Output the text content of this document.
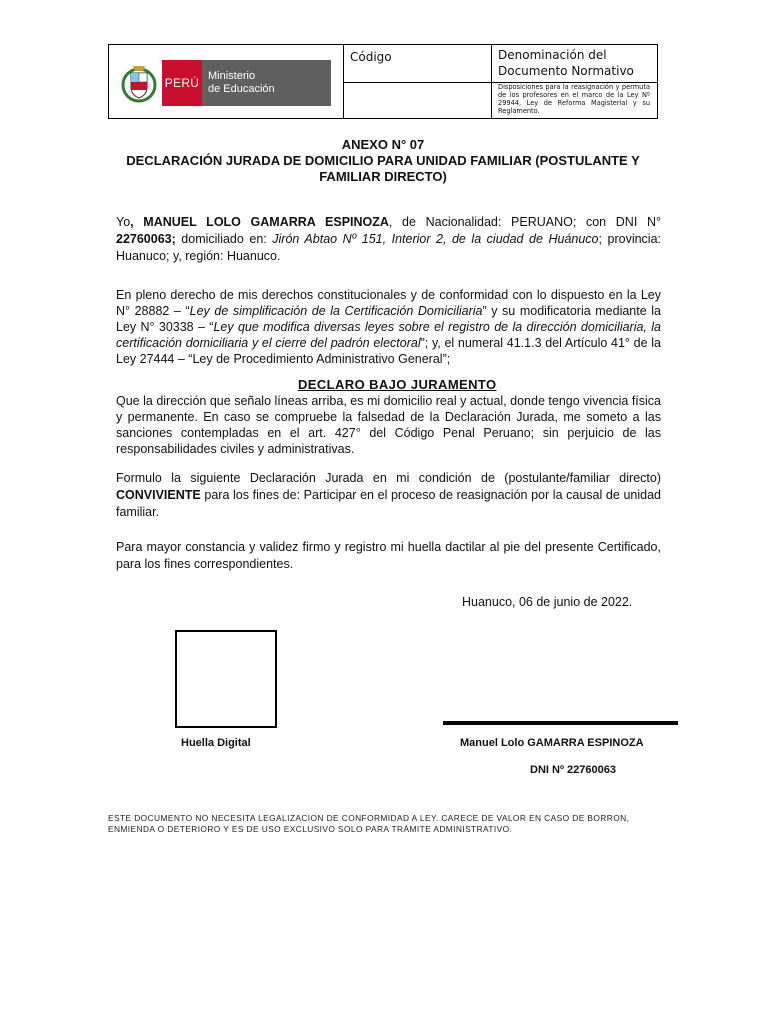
Código	Denominación del Documento Normativo
Disposiciones para la reasignación y permuta de los profesores en el marco de la Ley Nº 29944, Ley de Reforma Magisterial y su Reglamento.
PERÚ Ministerio
de Educación
ANEXO N° 07
DECLARACIÓN JURADA DE DOMICILIO PARA UNIDAD FAMILIAR (POSTULANTE Y FAMILIAR DIRECTO)
Yo, MANUEL LOLO GAMARRA ESPINOZA, de Nacionalidad: PERUANO; con DNI N° 22760063; domiciliado en: Jirón Abtao Nº 151, Interior 2, de la ciudad de Huánuco; provincia: Huanuco; y, región: Huanuco.
En pleno derecho de mis derechos constitucionales y de conformidad con lo dispuesto en la Ley N° 28882 – “Ley de simplificación de la Certificación Domiciliaria” y su modificatoria mediante la Ley N° 30338 – “Ley que modifica diversas leyes sobre el registro de la dirección domiciliaria, la certificación domiciliaria y el cierre del padrón electoral”; y, el numeral 41.1.3 del Artículo 41° de la Ley 27444 – “Ley de Procedimiento Administrativo General”;
DECLARO BAJO JURAMENTO
Que la dirección que señalo líneas arriba, es mi domicilio real y actual, donde tengo vivencia física y permanente. En caso se compruebe la falsedad de la Declaración Jurada, me someto a las sanciones contempladas en el art. 427° del Código Penal Peruano; sin perjuicio de las responsabilidades civiles y administrativas.
Formulo la siguiente Declaración Jurada en mi condición de (postulante/familiar directo) CONVIVIENTE para los fines de: Participar en el proceso de reasignación por la causal de unidad familiar.
Para mayor constancia y validez firmo y registro mi huella dactilar al pie del presente Certificado, para los fines correspondientes.
Huanuco, 06 de junio de 2022.
Huella Digital	Manuel Lolo GAMARRA ESPINOZA
DNI Nº 22760063
ESTE DOCUMENTO NO NECESITA LEGALIZACION DE CONFORMIDAD A LEY. CARECE DE VALOR EN CASO DE BORRON,
ENMIENDA O DETERIORO Y ES DE USO EXCLUSIVO SOLO PARA TRÁMITE ADMINISTRATIVO.
